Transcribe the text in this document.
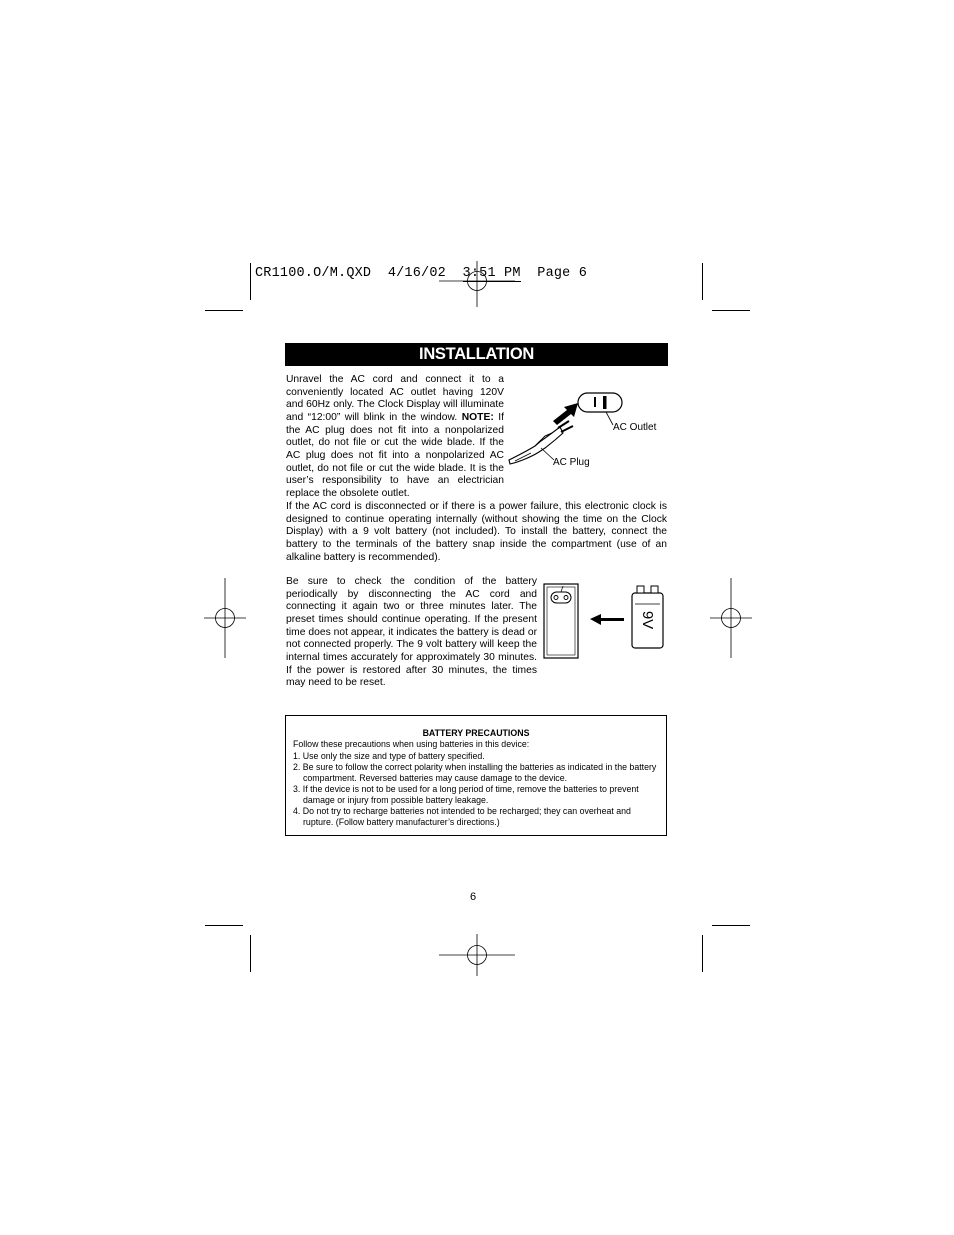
CR1100.O/M.QXD 4/16/02 3:51 PM Page 6
INSTALLATION

Unravel the AC cord and connect it to a conveniently located AC outlet having 120V and 60Hz only. The Clock Display will illuminate and “12:00” will blink in the window. NOTE: If the AC plug does not fit into a nonpolarized outlet, do not file or cut the wide blade. If the AC plug does not fit into a nonpolarized AC outlet, do not file or cut the wide blade. It is the user’s responsibility to have an electrician replace the obsolete outlet.

AC Outlet
AC Plug

If the AC cord is disconnected or if there is a power failure, this electronic clock is designed to continue operating internally (without showing the time on the Clock Display) with a 9 volt battery (not included). To install the battery, connect the battery to the terminals of the battery snap inside the compartment (use of an alkaline battery is recommended).

Be sure to check the condition of the battery periodically by disconnecting the AC cord and connecting it again two or three minutes later. The preset times should continue operating. If the present time does not appear, it indicates the battery is dead or not connected properly. The 9 volt battery will keep the internal times accurately for approximately 30 minutes. If the power is restored after 30 minutes, the times may need to be reset.

9V
BATTERY PRECAUTIONS
Follow these precautions when using batteries in this device:
1. Use only the size and type of battery specified.
2. Be sure to follow the correct polarity when installing the batteries as indicated in the battery compartment. Reversed batteries may cause damage to the device.
3. If the device is not to be used for a long period of time, remove the batteries to prevent damage or injury from possible battery leakage.
4. Do not try to recharge batteries not intended to be recharged; they can overheat and rupture. (Follow battery manufacturer’s directions.)
6
